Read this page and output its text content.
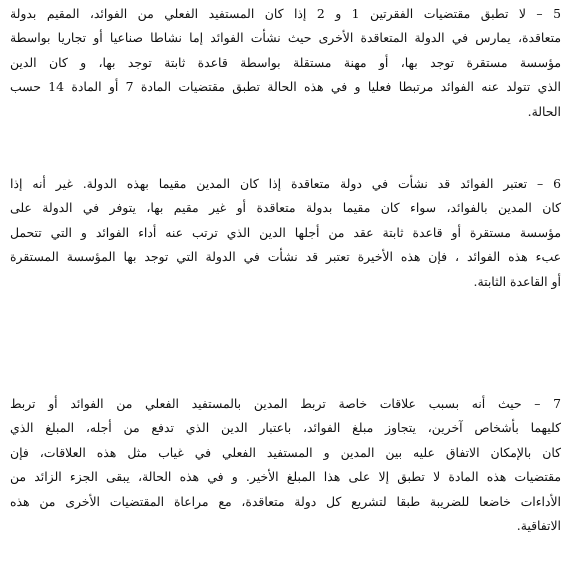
5 – لا تطبق مقتضيات الفقرتين 1 و 2 إذا كان المستفيد الفعلي من الفوائد، المقيم بدولة
متعاقدة، يمارس في الدولة المتعاقدة الأخرى حيث نشأت الفوائد إما نشاطا صناعيا أو تجاريا بواسطة
مؤسسة مستقرة توجد بها، أو مهنة مستقلة بواسطة قاعدة ثابتة توجد بها، و كان الدين
الذي تتولد عنه الفوائد مرتبطا فعليا و في هذه الحالة تطبق مقتضيات المادة 7 أو المادة 14 حسب
الحالة.
6 – تعتبر الفوائد قد نشأت في دولة متعاقدة إذا كان المدين مقيما بهذه الدولة. غير أنه إذا
كان المدين بالفوائد، سواء كان مقيما بدولة متعاقدة أو غير مقيم بها، يتوفر في الدولة على
مؤسسة مستقرة أو قاعدة ثابتة عقد من أجلها الدين الذي ترتب عنه أداء الفوائد و التي تتحمل
عبء هذه الفوائد ، فإن هذه الأخيرة تعتبر قد نشأت في الدولة التي توجد بها المؤسسة المستقرة
أو القاعدة الثابتة.
7 – حيث أنه بسبب علاقات خاصة تربط المدين بالمستفيد الفعلي من الفوائد أو تربط
كليهما بأشخاص آخرين، يتجاوز مبلغ الفوائد، باعتبار الدين الذي تدفع من أجله، المبلغ الذي
كان بالإمكان الاتفاق عليه بين المدين و المستفيد الفعلي في غياب مثل هذه العلاقات، فإن
مقتضيات هذه المادة لا تطبق إلا على هذا المبلغ الأخير. و في هذه الحالة، يبقى الجزء الزائد من
الأداءات خاضعا للضريبة طبقا لتشريع كل دولة متعاقدة، مع مراعاة المقتضيات الأخرى من هذه
الاتفاقية.
